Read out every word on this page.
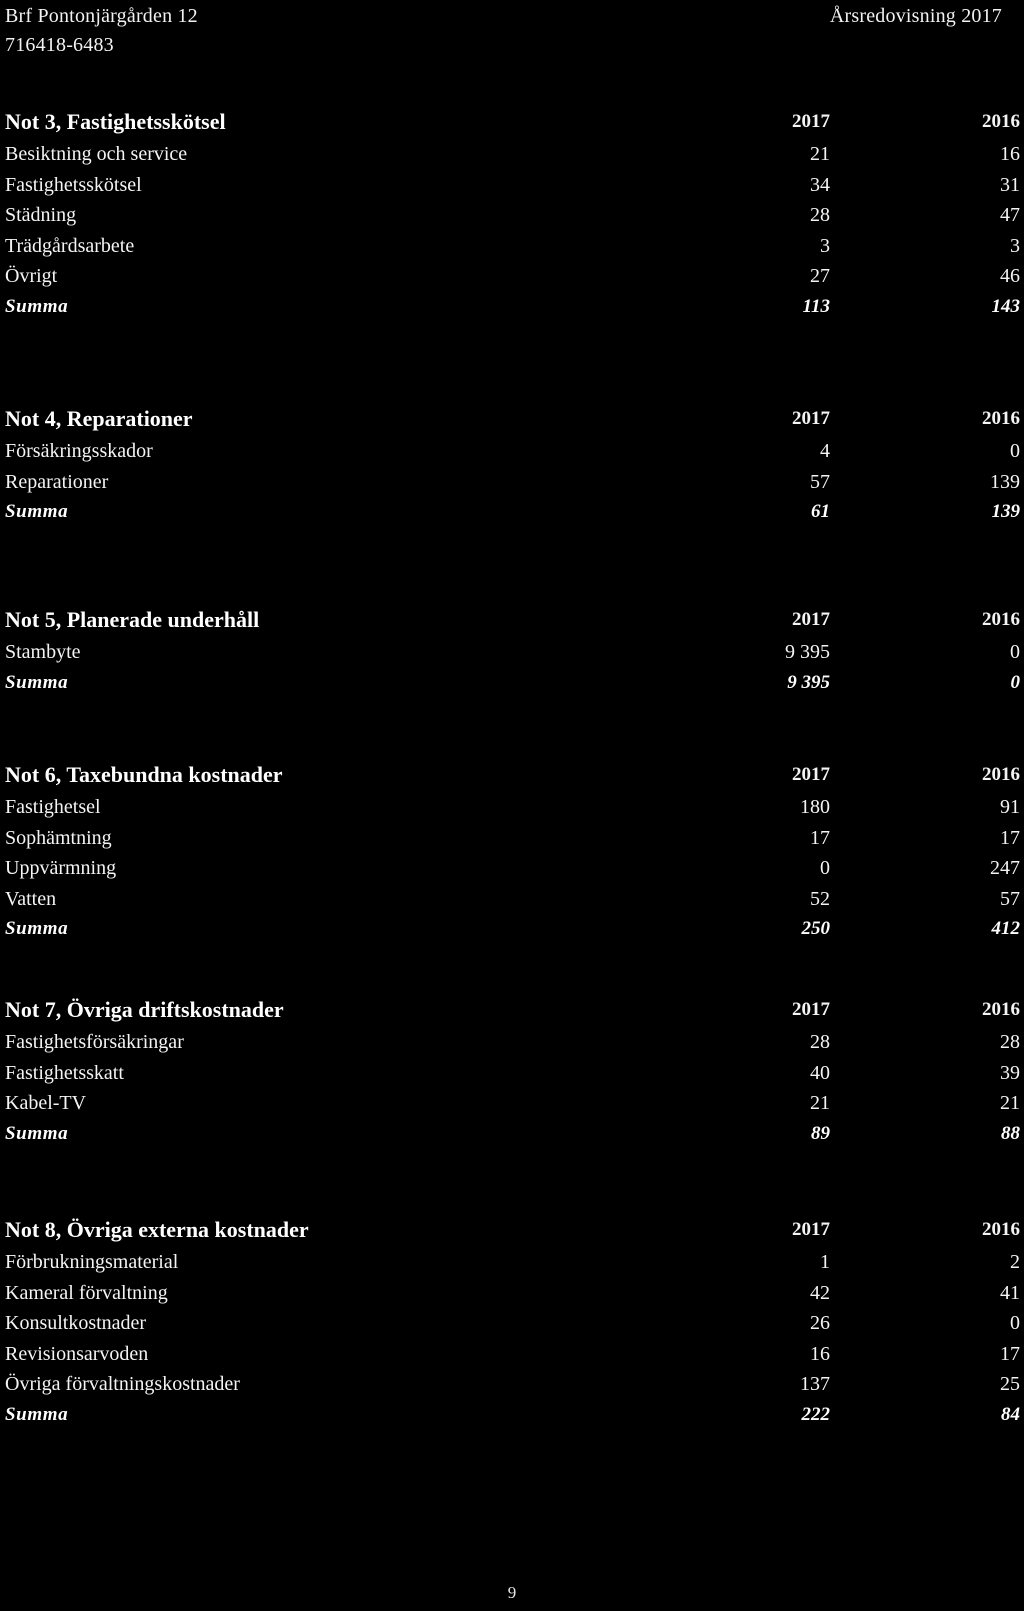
Brf Pontonjärgården 12
716418-6483
Årsredovisning 2017
Not 3, Fastighetsskötsel	2017	2016
Besiktning och service	21	16
Fastighetsskötsel	34	31
Städning	28	47
Trädgårdsarbete	3	3
Övrigt	27	46
Summa	113	143
Not 4, Reparationer	2017	2016
Försäkringsskador	4	0
Reparationer	57	139
Summa	61	139
Not 5, Planerade underhåll	2017	2016
Stambyte	9 395	0
Summa	9 395	0
Not 6, Taxebundna kostnader	2017	2016
Fastighetsel	180	91
Sophämtning	17	17
Uppvärmning	0	247
Vatten	52	57
Summa	250	412
Not 7, Övriga driftskostnader	2017	2016
Fastighetsförsäkringar	28	28
Fastighetsskatt	40	39
Kabel-TV	21	21
Summa	89	88
Not 8, Övriga externa kostnader	2017	2016
Förbrukningsmaterial	1	2
Kameral förvaltning	42	41
Konsultkostnader	26	0
Revisionsarvoden	16	17
Övriga förvaltningskostnader	137	25
Summa	222	84
9
